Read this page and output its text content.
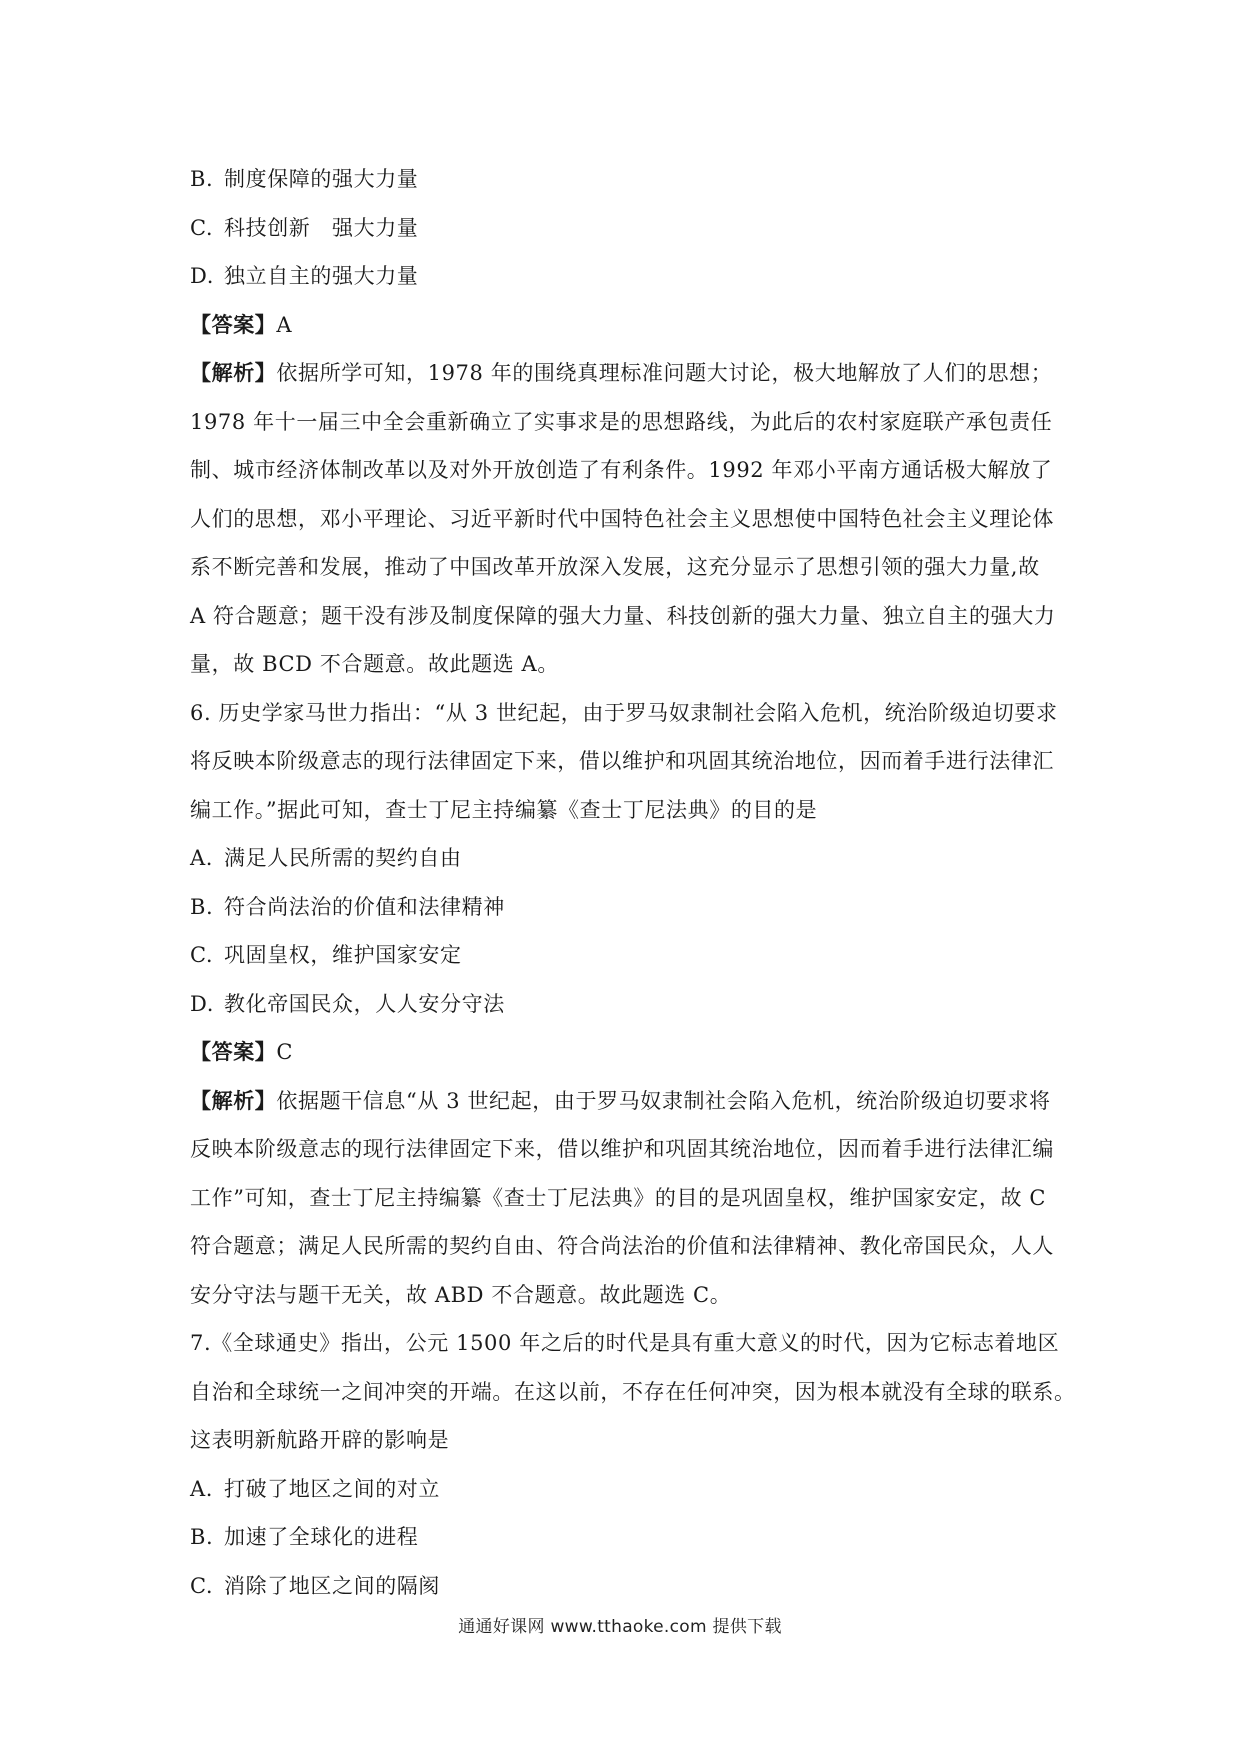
B. 制度保障的强大力量
C. 科技创新　强大力量
D. 独立自主的强大力量
【答案】A
【解析】依据所学可知，1978 年的围绕真理标准问题大讨论，极大地解放了人们的思想；
1978 年十一届三中全会重新确立了实事求是的思想路线，为此后的农村家庭联产承包责任
制、城市经济体制改革以及对外开放创造了有利条件。1992 年邓小平南方通话极大解放了
人们的思想，邓小平理论、习近平新时代中国特色社会主义思想使中国特色社会主义理论体
系不断完善和发展，推动了中国改革开放深入发展，这充分显示了思想引领的强大力量,故
A 符合题意；题干没有涉及制度保障的强大力量、科技创新的强大力量、独立自主的强大力
量，故 BCD 不合题意。故此题选 A。
6. 历史学家马世力指出：“从 3 世纪起，由于罗马奴隶制社会陷入危机，统治阶级迫切要求
将反映本阶级意志的现行法律固定下来，借以维护和巩固其统治地位，因而着手进行法律汇
编工作。”据此可知，查士丁尼主持编纂《查士丁尼法典》的目的是
A. 满足人民所需的契约自由
B. 符合尚法治的价值和法律精神
C. 巩固皇权，维护国家安定
D. 教化帝国民众，人人安分守法
【答案】C
【解析】依据题干信息“从 3 世纪起，由于罗马奴隶制社会陷入危机，统治阶级迫切要求将
反映本阶级意志的现行法律固定下来，借以维护和巩固其统治地位，因而着手进行法律汇编
工作”可知，查士丁尼主持编纂《查士丁尼法典》的目的是巩固皇权，维护国家安定，故 C
符合题意；满足人民所需的契约自由、符合尚法治的价值和法律精神、教化帝国民众，人人
安分守法与题干无关，故 ABD 不合题意。故此题选 C。
7.《全球通史》指出，公元 1500 年之后的时代是具有重大意义的时代，因为它标志着地区
自治和全球统一之间冲突的开端。在这以前，不存在任何冲突，因为根本就没有全球的联系。
这表明新航路开辟的影响是
A. 打破了地区之间的对立
B. 加速了全球化的进程
C. 消除了地区之间的隔阂
通通好课网 www.tthaoke.com 提供下载
